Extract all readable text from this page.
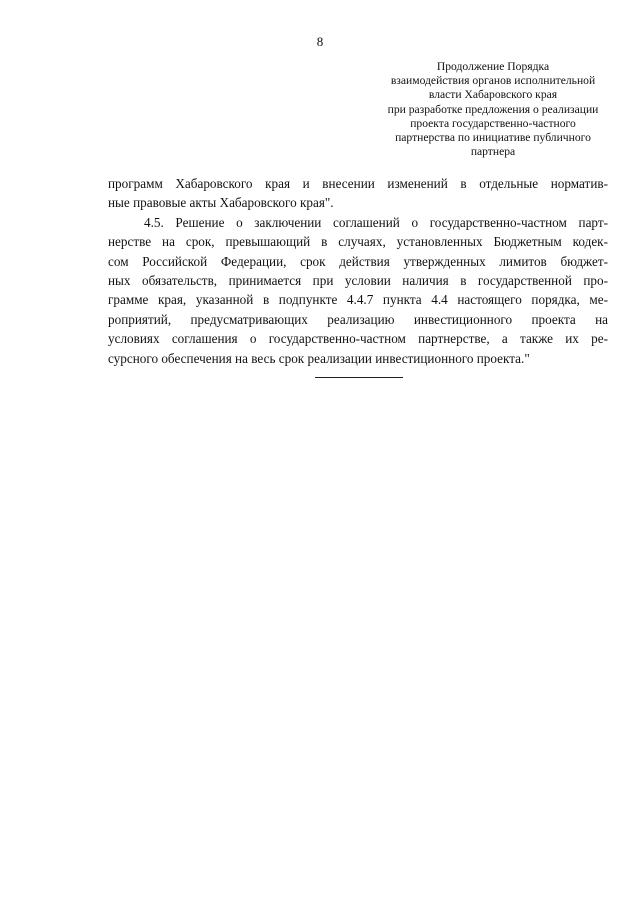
8
Продолжение Порядка
взаимодействия органов исполнительной
власти Хабаровского края
при разработке предложения о реализации
проекта государственно-частного
партнерства по инициативе публичного
партнера
программ Хабаровского края и внесении изменений в отдельные норматив-
ные правовые акты Хабаровского края".
4.5. Решение о заключении соглашений о государственно-частном парт-
нерстве на срок, превышающий в случаях, установленных Бюджетным кодек-
сом Российской Федерации, срок действия утвержденных лимитов бюджет-
ных обязательств, принимается при условии наличия в государственной про-
грамме края, указанной в подпункте 4.4.7 пункта 4.4 настоящего порядка, ме-
роприятий, предусматривающих реализацию инвестиционного проекта на
условиях соглашения о государственно-частном партнерстве, а также их ре-
сурсного обеспечения на весь срок реализации инвестиционного проекта."
